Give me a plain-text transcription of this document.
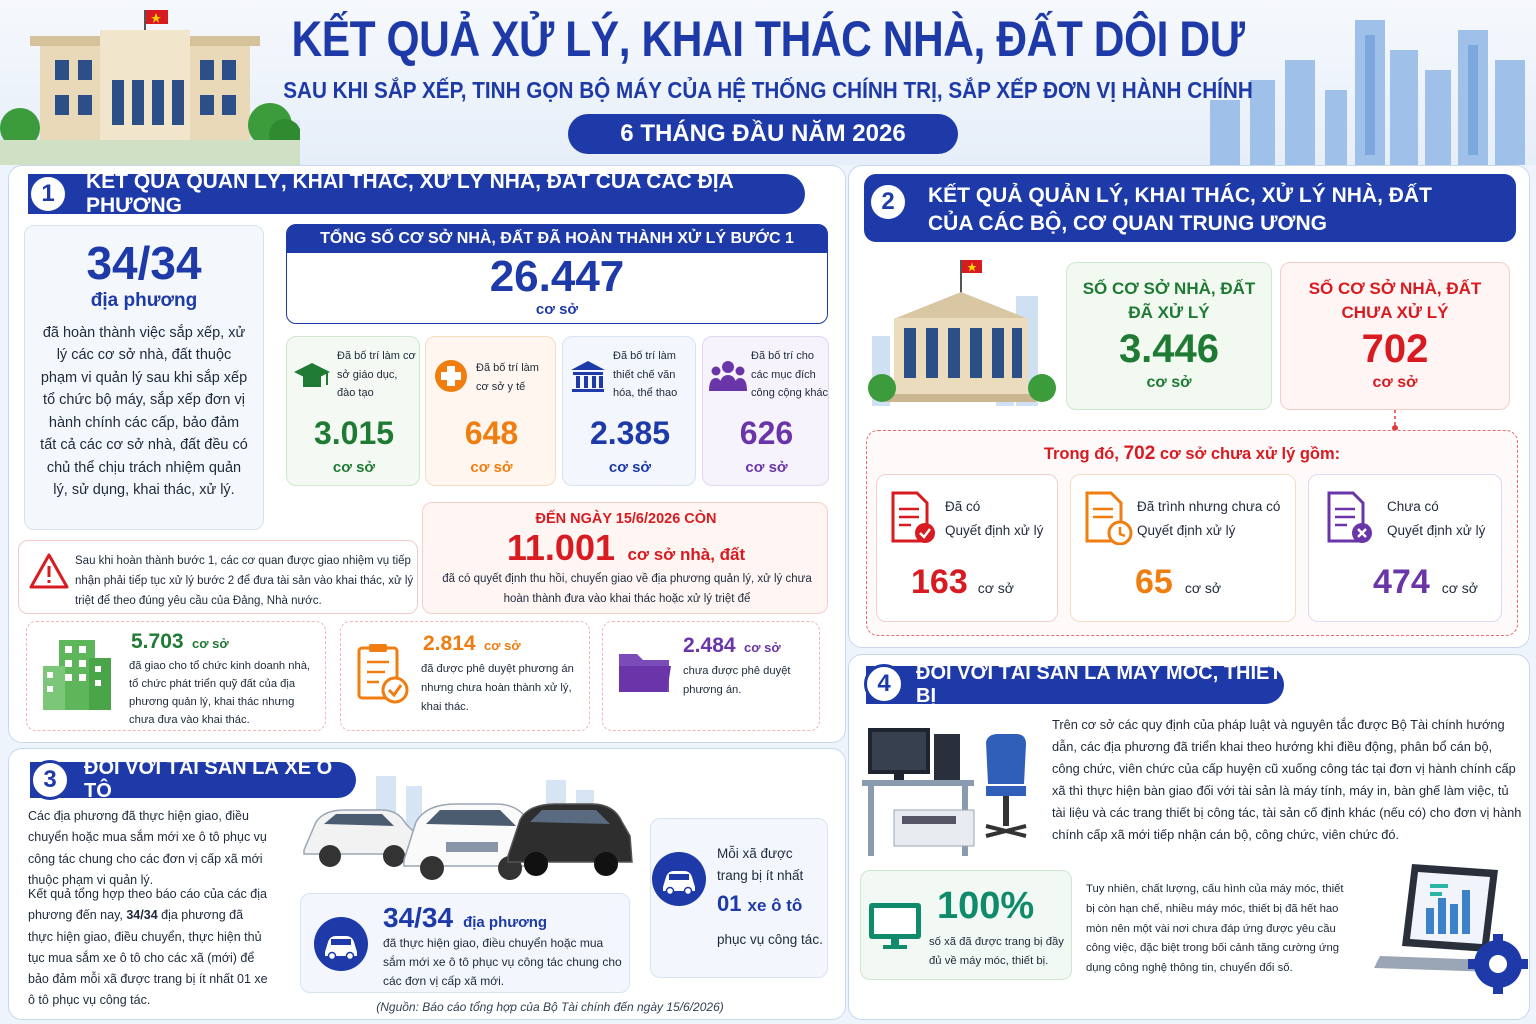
KẾT QUẢ XỬ LÝ, KHAI THÁC NHÀ, ĐẤT DÔI DƯ
SAU KHI SẮP XẾP, TINH GỌN BỘ MÁY CỦA HỆ THỐNG CHÍNH TRỊ, SẮP XẾP ĐƠN VỊ HÀNH CHÍNH
6 THÁNG ĐẦU NĂM 2026
KẾT QUẢ QUẢN LÝ, KHAI THÁC, XỬ LÝ NHÀ, ĐẤT CỦA CÁC ĐỊA PHƯƠNG
1
34/34
địa phương
đã hoàn thành việc sắp xếp, xử lý các cơ sở nhà, đất thuộc phạm vi quản lý sau khi sắp xếp tổ chức bộ máy, sắp xếp đơn vị hành chính các cấp, bảo đảm tất cả các cơ sở nhà, đất đều có chủ thể chịu trách nhiệm quản lý, sử dụng, khai thác, xử lý.
TỔNG SỐ CƠ SỞ NHÀ, ĐẤT ĐÃ HOÀN THÀNH XỬ LÝ BƯỚC 1
26.447
cơ sở
Đã bố trí làm cơ sở giáo dục, đào tạo
3.015
cơ sở
Đã bố trí làm cơ sở y tế
648
cơ sở
Đã bố trí làm thiết chế văn hóa, thể thao
2.385
cơ sở
Đã bố trí cho các mục đích công cộng khác
626
cơ sở
Sau khi hoàn thành bước 1, các cơ quan được giao nhiệm vụ tiếp nhận phải tiếp tục xử lý bước 2 để đưa tài sản vào khai thác, xử lý triệt để theo đúng yêu cầu của Đảng, Nhà nước.
ĐẾN NGÀY 15/6/2026 CÒN
11.001 cơ sở nhà, đất
đã có quyết định thu hồi, chuyển giao về địa phương quản lý, xử lý chưa hoàn thành đưa vào khai thác hoặc xử lý triệt để
5.703 cơ sở
đã giao cho tổ chức kinh doanh nhà, tổ chức phát triển quỹ đất của địa phương quản lý, khai thác nhưng chưa đưa vào khai thác.
2.814 cơ sở
đã được phê duyệt phương án nhưng chưa hoàn thành xử lý, khai thác.
2.484 cơ sở
chưa được phê duyệt phương án.
KẾT QUẢ QUẢN LÝ, KHAI THÁC, XỬ LÝ NHÀ, ĐẤT
CỦA CÁC BỘ, CƠ QUAN TRUNG ƯƠNG
2
SỐ CƠ SỞ NHÀ, ĐẤT
ĐÃ XỬ LÝ
3.446
cơ sở
SỐ CƠ SỞ NHÀ, ĐẤT
CHƯA XỬ LÝ
702
cơ sở
Trong đó, 702 cơ sở chưa xử lý gồm:
Đã có
Quyết định xử lý
163 cơ sở
Đã trình nhưng chưa có
Quyết định xử lý
65 cơ sở
Chưa có
Quyết định xử lý
474 cơ sở
ĐỐI VỚI TÀI SẢN LÀ XE Ô TÔ
3
Các địa phương đã thực hiện giao, điều chuyển hoặc mua sắm mới xe ô tô phục vụ công tác chung cho các đơn vị cấp xã mới thuộc phạm vi quản lý.
Kết quả tổng hợp theo báo cáo của các địa phương đến nay, 34/34 địa phương đã thực hiện giao, điều chuyển, thực hiện thủ tục mua sắm xe ô tô cho các xã (mới) để bảo đảm mỗi xã được trang bị ít nhất 01 xe ô tô phục vụ công tác.
34/34 địa phương
đã thực hiện giao, điều chuyển hoặc mua sắm mới xe ô tô phục vụ công tác chung cho các đơn vị cấp xã mới.
Mỗi xã được
trang bị ít nhất
01 xe ô tô
phục vụ công tác.
(Nguồn: Báo cáo tổng hợp của Bộ Tài chính đến ngày 15/6/2026)
ĐỐI VỚI TÀI SẢN LÀ MÁY MÓC, THIẾT BỊ
4
Trên cơ sở các quy định của pháp luật và nguyên tắc được Bộ Tài chính hướng dẫn, các địa phương đã triển khai theo hướng khi điều động, phân bổ cán bộ, công chức, viên chức của cấp huyện cũ xuống công tác tại đơn vị hành chính cấp xã thì thực hiện bàn giao đối với tài sản là máy tính, máy in, bàn ghế làm việc, tủ tài liệu và các trang thiết bị công tác, tài sản cố định khác (nếu có) cho đơn vị hành chính cấp xã mới tiếp nhận cán bộ, công chức, viên chức đó.
100%
số xã đã được trang bị đầy đủ về máy móc, thiết bị.
Tuy nhiên, chất lượng, cấu hình của máy móc, thiết bị còn hạn chế, nhiều máy móc, thiết bị đã hết hao mòn nên một vài nơi chưa đáp ứng được yêu cầu công việc, đặc biệt trong bối cảnh tăng cường ứng dụng công nghệ thông tin, chuyển đổi số.
